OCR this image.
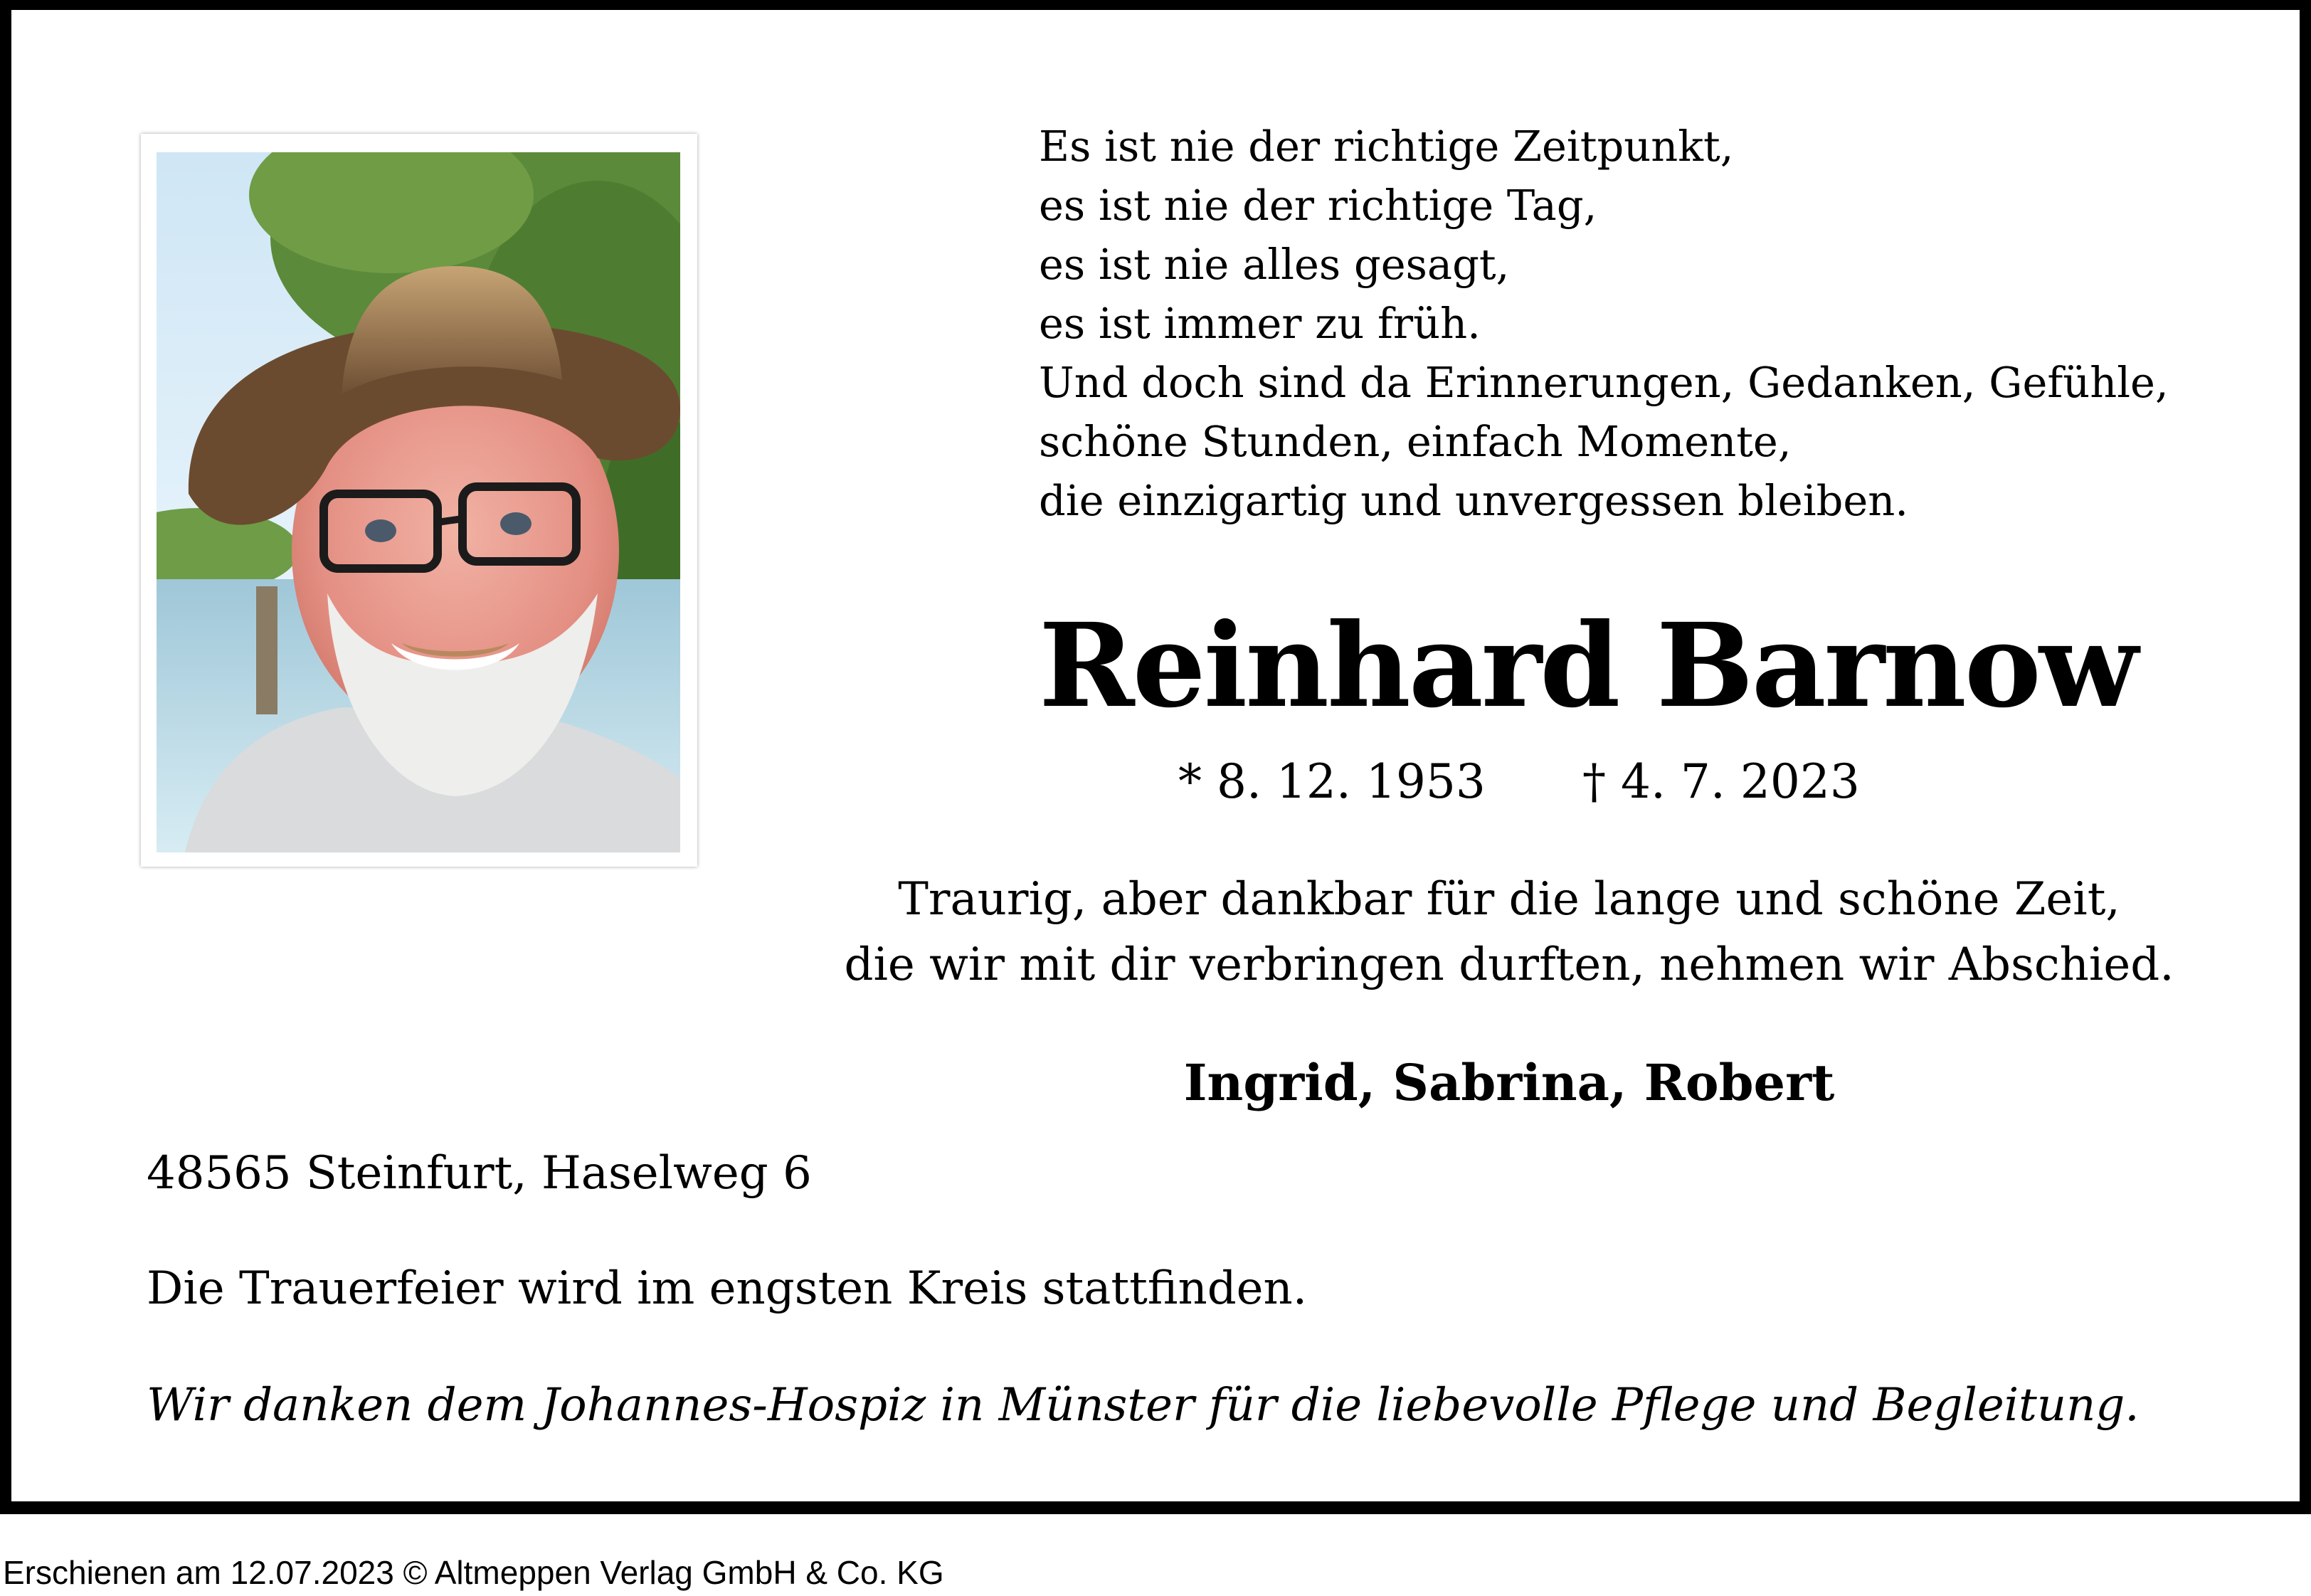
Es ist nie der richtige Zeitpunkt,
es ist nie der richtige Tag,
es ist nie alles gesagt,
es ist immer zu früh.
Und doch sind da Erinnerungen, Gedanken, Gefühle,
schöne Stunden, einfach Momente,
die einzigartig und unvergessen bleiben.
Reinhard Barnow
* 8. 12. 1953 † 4. 7. 2023
Traurig, aber dankbar für die lange und schöne Zeit,
die wir mit dir verbringen durften, nehmen wir Abschied.
Ingrid, Sabrina, Robert
48565 Steinfurt, Haselweg 6
Die Trauerfeier wird im engsten Kreis stattfinden.
Wir danken dem Johannes-Hospiz in Münster für die liebevolle Pflege und Begleitung.
Erschienen am 12.07.2023 © Altmeppen Verlag GmbH & Co. KG
